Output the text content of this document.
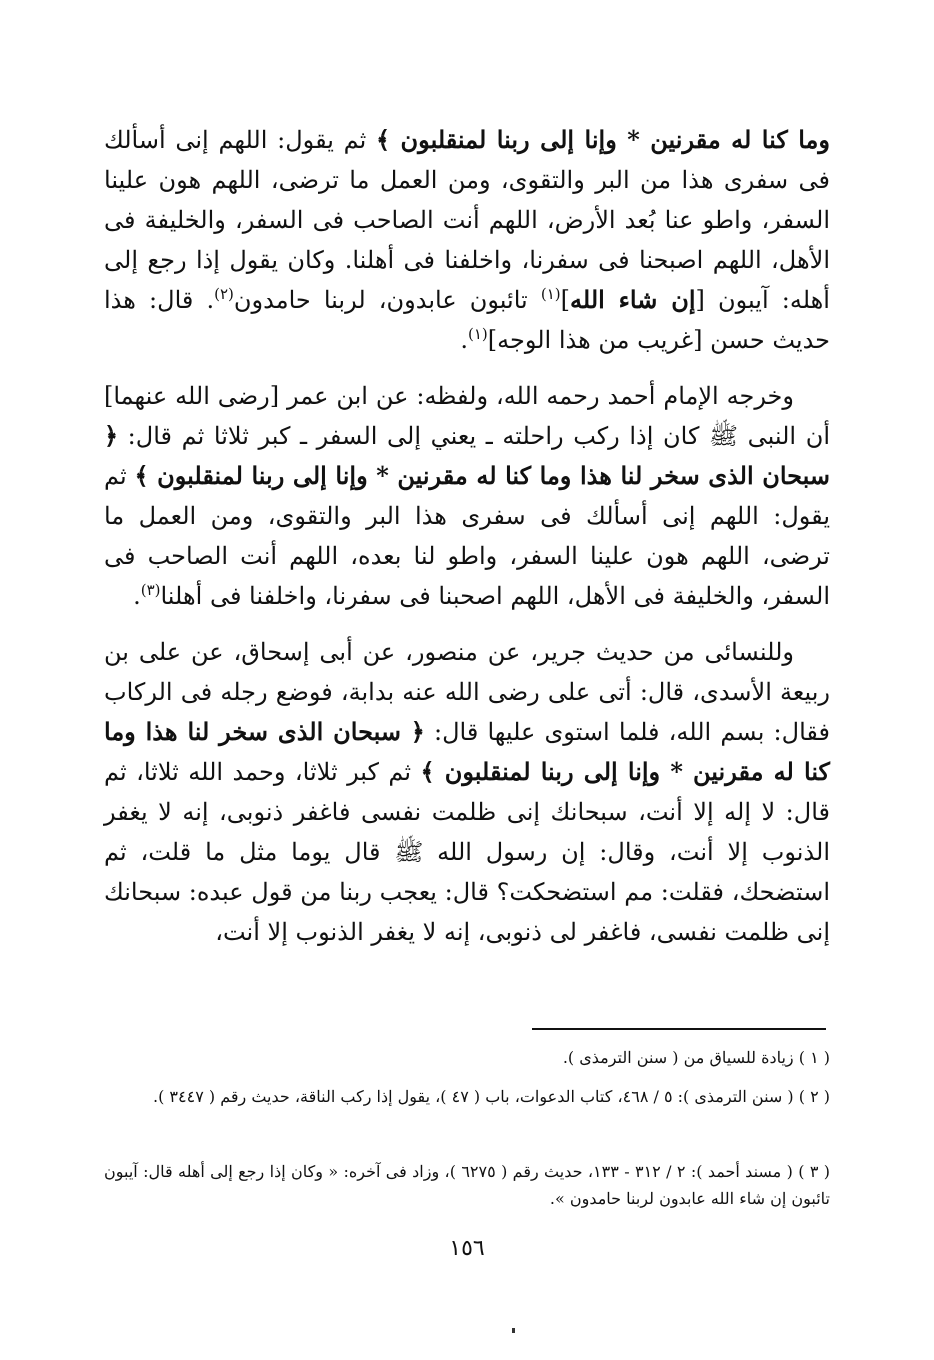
وما كنا له مقرنين * وإنا إلى ربنا لمنقلبون ﴾ ثم يقول: اللهم إنى أسألك فى سفرى هذا من البر والتقوى، ومن العمل ما ترضى، اللهم هون علينا السفر، واطو عنا بُعد الأرض، اللهم أنت الصاحب فى السفر، والخليفة فى الأهل، اللهم اصبحنا فى سفرنا، واخلفنا فى أهلنا. وكان يقول إذا رجع إلى أهله: آيبون [إن شاء الله]$^{(١)}$ تائبون عابدون، لربنا حامدون$^{(٢)}$. قال: هذا حديث حسن [غريب من هذا الوجه]$^{(١)}$.

وخرجه الإمام أحمد رحمه الله، ولفظه: عن ابن عمر [رضى الله عنهما] أن النبى ﷺ كان إذا ركب راحلته ـ يعني إلى السفر ـ كبر ثلاثا ثم قال: ﴿ سبحان الذى سخر لنا هذا وما كنا له مقرنين * وإنا إلى ربنا لمنقلبون ﴾ ثم يقول: اللهم إنى أسألك فى سفرى هذا البر والتقوى، ومن العمل ما ترضى، اللهم هون علينا السفر، واطو لنا بعده، اللهم أنت الصاحب فى السفر، والخليفة فى الأهل، اللهم اصحبنا فى سفرنا، واخلفنا فى أهلنا$^{(٣)}$.

وللنسائى من حديث جرير، عن منصور، عن أبى إسحاق، عن على بن ربيعة الأسدى، قال: أتى على رضى الله عنه بدابة، فوضع رجله فى الركاب فقال: بسم الله، فلما استوى عليها قال: ﴿ سبحان الذى سخر لنا هذا وما كنا له مقرنين * وإنا إلى ربنا لمنقلبون ﴾ ثم كبر ثلاثا، وحمد الله ثلاثا، ثم قال: لا إله إلا أنت، سبحانك إنى ظلمت نفسى فاغفر ذنوبى، إنه لا يغفر الذنوب إلا أنت، وقال: إن رسول الله ﷺ قال يوما مثل ما قلت، ثم استضحك، فقلت: مم استضحكت؟ قال: يعجب ربنا من قول عبده: سبحانك إنى ظلمت نفسى، فاغفر لى ذنوبى، إنه لا يغفر الذنوب إلا أنت،

( ١ ) زيادة للسياق من ( سنن الترمذى ).
( ٢ ) ( سنن الترمذى ): ٥ / ٤٦٨، كتاب الدعوات، باب ( ٤٧ )، يقول إذا ركب الناقة، حديث رقم ( ٣٤٤٧ ).
( ٣ ) ( مسند أحمد ): ٢ / ٣١٢ - ١٣٣، حديث رقم ( ٦٢٧٥ )، وزاد فى آخره: « وكان إذا رجع إلى أهله قال: آيبون تائبون إن شاء الله عابدون لربنا حامدون ».
١٥٦
